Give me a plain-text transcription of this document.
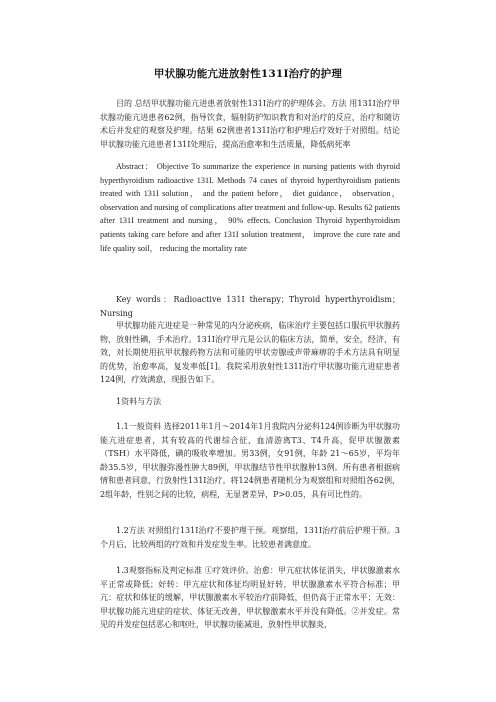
甲状腺功能亢进放射性131I治疗的护理

目的 总结甲状腺功能亢进患者放射性131I治疗的护理体会。方法 用131I治疗甲状腺功能亢进患者62例，指导饮食，辐射防护知识教育和对治疗的反应，治疗和随访术后并发症的观察及护理。结果 62例患者131I治疗和护理后疗效好于对照组。结论 甲状腺功能亢进患者131I处理后，提高治愈率和生活质量，降低病死率

Abstract： Objective To summarize the experience in nursing patients with thyroid hyperthyroidism radioactive 131I. Methods 74 cases of thyroid hyperthyroidism patients treated with 131I solution， and the patient before， diet guidance， observation， observation and nursing of complications after treatment and follow-up. Results 62 patients after 131I treatment and nursing， 90% effects. Conclusion Thyroid hyperthyroidism patients taking care before and after 131I solution treatment， improve the cure rate and life quality soil， reducing the mortality rate

Key words：Radioactive 131I therapy；Thyroid hyperthyroidism； Nursing

甲状腺功能亢进症是一种常见的内分泌疾病，临床治疗主要包括口服抗甲状腺药物，放射性碘，手术治疗。131I治疗甲亢是公认的临床方法，简单，安全，经济，有效，对长期使用抗甲状腺药物方法和可能的甲状旁腺或声带麻痹的手术方法具有明显的优势，治愈率高，复发率低[1]。我院采用放射性131I治疗甲状腺功能亢进症患者124例，疗效满意，现报告如下。

1资料与方法

1.1一般资料 选择2011年1月～2014年1月我院内分泌科124例诊断为甲状腺功能亢进症患者，其有较高的代谢综合征，血清游离T3、T4升高，促甲状腺激素（TSH）水平降低，碘的吸收率增加。男33例，女91例，年龄 21～65岁，平均年龄35.5岁，甲状腺弥漫性肿大89例，甲状腺结节性甲状腺肿13例。所有患者根据病情和患者同意，行放射性131I治疗。将124例患者随机分为观察组和对照组各62例，2组年龄，性别之间的比较，病程，无显著差异，P>0.05，具有可比性的。

1.2方法 对照组行131I治疗不要护理干预。观察组，131I治疗前后护理干预。3个月后，比较两组的疗效和并发症发生率。比较患者满意度。

1.3观察指标及判定标准 ①疗效评价。治愈：甲亢症状体征消失，甲状腺激素水平正常或降低；好转：甲亢症状和体征均明显好转，甲状腺激素水平符合标准；甲亢：症状和体征的缓解，甲状腺激素水平较治疗前降低，但仍高于正常水平；无效：甲状腺功能亢进症的症状、体征无改善，甲状腺激素水平并没有降低。②并发症。常见的并发症包括恶心和呕吐，甲状腺功能减退，放射性甲状腺炎，
